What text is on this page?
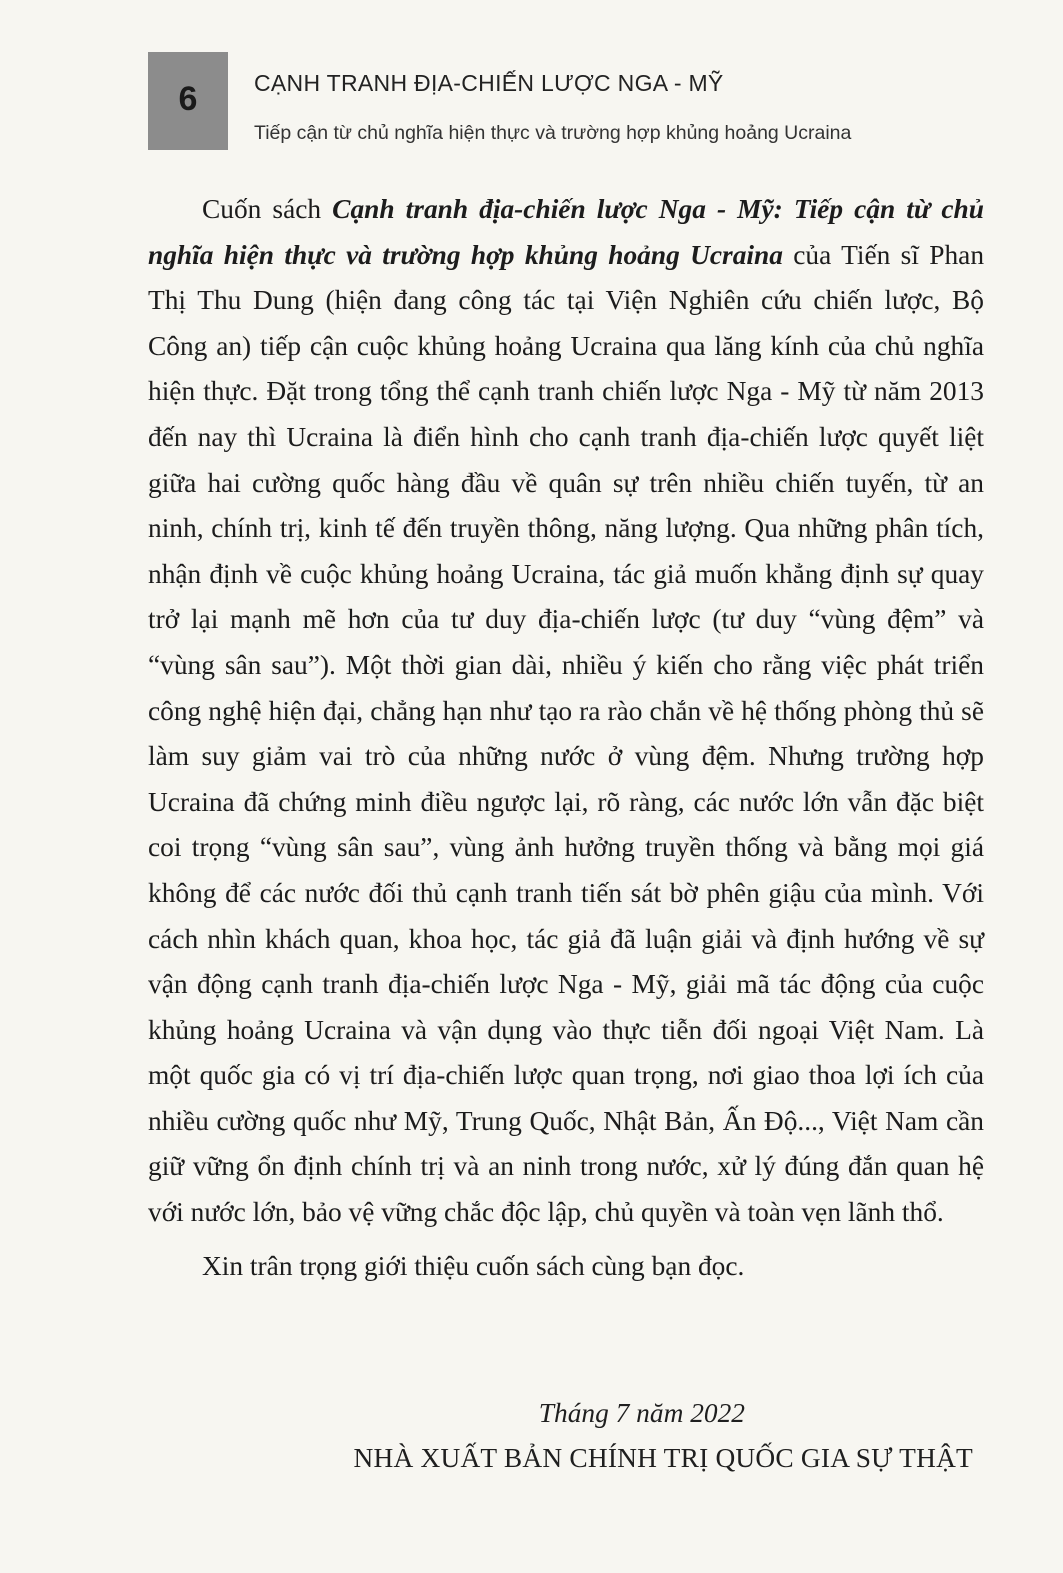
6 CẠNH TRANH ĐỊA-CHIẾN LƯỢC NGA - MỸ
Tiếp cận từ chủ nghĩa hiện thực và trường hợp khủng hoảng Ucraina

Cuốn sách Cạnh tranh địa-chiến lược Nga - Mỹ: Tiếp cận từ chủ nghĩa hiện thực và trường hợp khủng hoảng Ucraina của Tiến sĩ Phan Thị Thu Dung (hiện đang công tác tại Viện Nghiên cứu chiến lược, Bộ Công an) tiếp cận cuộc khủng hoảng Ucraina qua lăng kính của chủ nghĩa hiện thực. Đặt trong tổng thể cạnh tranh chiến lược Nga - Mỹ từ năm 2013 đến nay thì Ucraina là điển hình cho cạnh tranh địa-chiến lược quyết liệt giữa hai cường quốc hàng đầu về quân sự trên nhiều chiến tuyến, từ an ninh, chính trị, kinh tế đến truyền thông, năng lượng. Qua những phân tích, nhận định về cuộc khủng hoảng Ucraina, tác giả muốn khẳng định sự quay trở lại mạnh mẽ hơn của tư duy địa-chiến lược (tư duy “vùng đệm” và “vùng sân sau”). Một thời gian dài, nhiều ý kiến cho rằng việc phát triển công nghệ hiện đại, chẳng hạn như tạo ra rào chắn về hệ thống phòng thủ sẽ làm suy giảm vai trò của những nước ở vùng đệm. Nhưng trường hợp Ucraina đã chứng minh điều ngược lại, rõ ràng, các nước lớn vẫn đặc biệt coi trọng “vùng sân sau”, vùng ảnh hưởng truyền thống và bằng mọi giá không để các nước đối thủ cạnh tranh tiến sát bờ phên giậu của mình. Với cách nhìn khách quan, khoa học, tác giả đã luận giải và định hướng về sự vận động cạnh tranh địa-chiến lược Nga - Mỹ, giải mã tác động của cuộc khủng hoảng Ucraina và vận dụng vào thực tiễn đối ngoại Việt Nam. Là một quốc gia có vị trí địa-chiến lược quan trọng, nơi giao thoa lợi ích của nhiều cường quốc như Mỹ, Trung Quốc, Nhật Bản, Ấn Độ..., Việt Nam cần giữ vững ổn định chính trị và an ninh trong nước, xử lý đúng đắn quan hệ với nước lớn, bảo vệ vững chắc độc lập, chủ quyền và toàn vẹn lãnh thổ.

Xin trân trọng giới thiệu cuốn sách cùng bạn đọc.

Tháng 7 năm 2022
NHÀ XUẤT BẢN CHÍNH TRỊ QUỐC GIA SỰ THẬT
